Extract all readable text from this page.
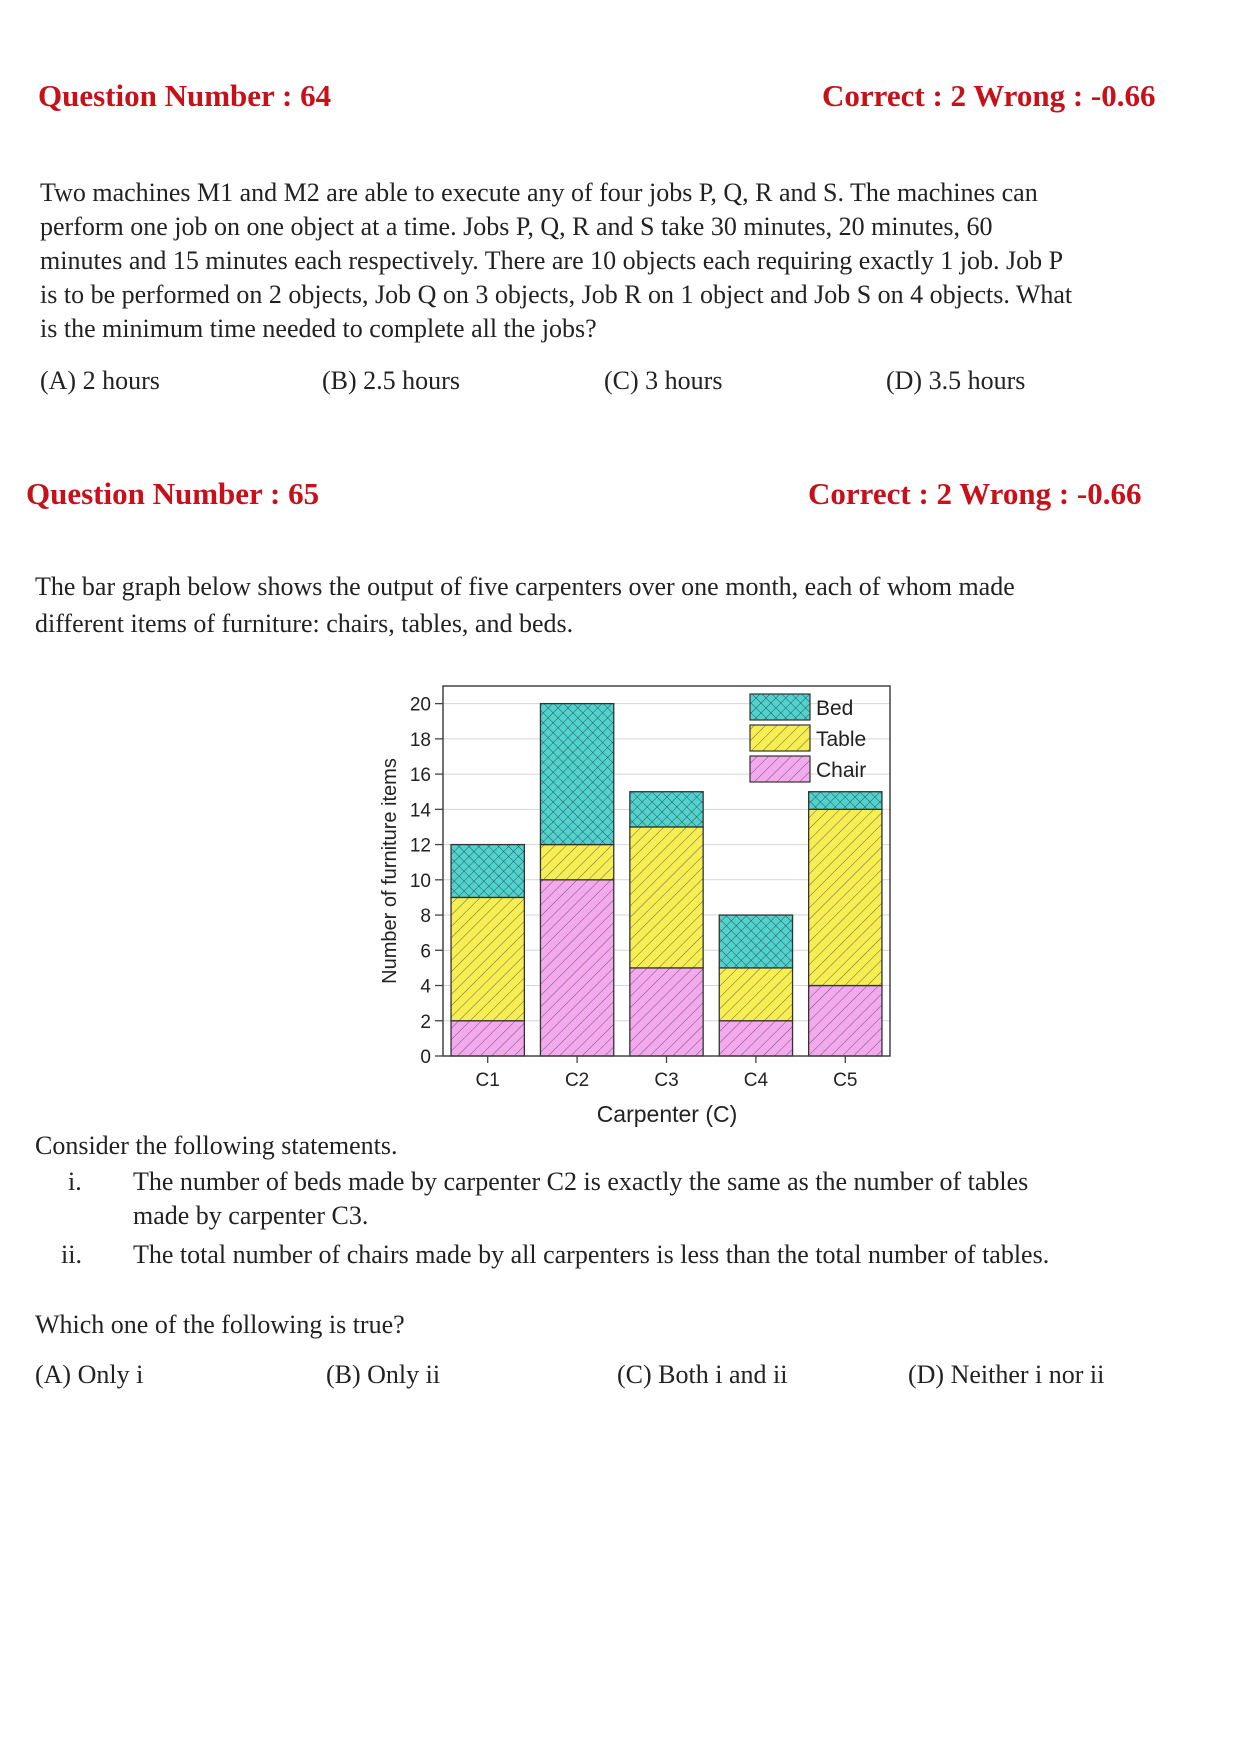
Question Number : 64	Correct : 2 Wrong : -0.66
Two machines M1 and M2 are able to execute any of four jobs P, Q, R and S. The machines can
perform one job on one object at a time. Jobs P, Q, R and S take 30 minutes, 20 minutes, 60
minutes and 15 minutes each respectively. There are 10 objects each requiring exactly 1 job. Job P
is to be performed on 2 objects, Job Q on 3 objects, Job R on 1 object and Job S on 4 objects. What
is the minimum time needed to complete all the jobs?
(A) 2 hours	(B) 2.5 hours	(C) 3 hours	(D) 3.5 hours
Question Number : 65	Correct : 2 Wrong : -0.66
The bar graph below shows the output of five carpenters over one month, each of whom made
different items of furniture: chairs, tables, and beds.
0
2
4
6
8
10
12
14
16
18
20
C1	C2	C3	C4	C5
Carpenter (C)
Number of furniture items
Bed
Table
Chair
Consider the following statements.
i. The number of beds made by carpenter C2 is exactly the same as the number of tables
made by carpenter C3.
ii. The total number of chairs made by all carpenters is less than the total number of tables.
Which one of the following is true?
(A) Only i	(B) Only ii	(C) Both i and ii	(D) Neither i nor ii
